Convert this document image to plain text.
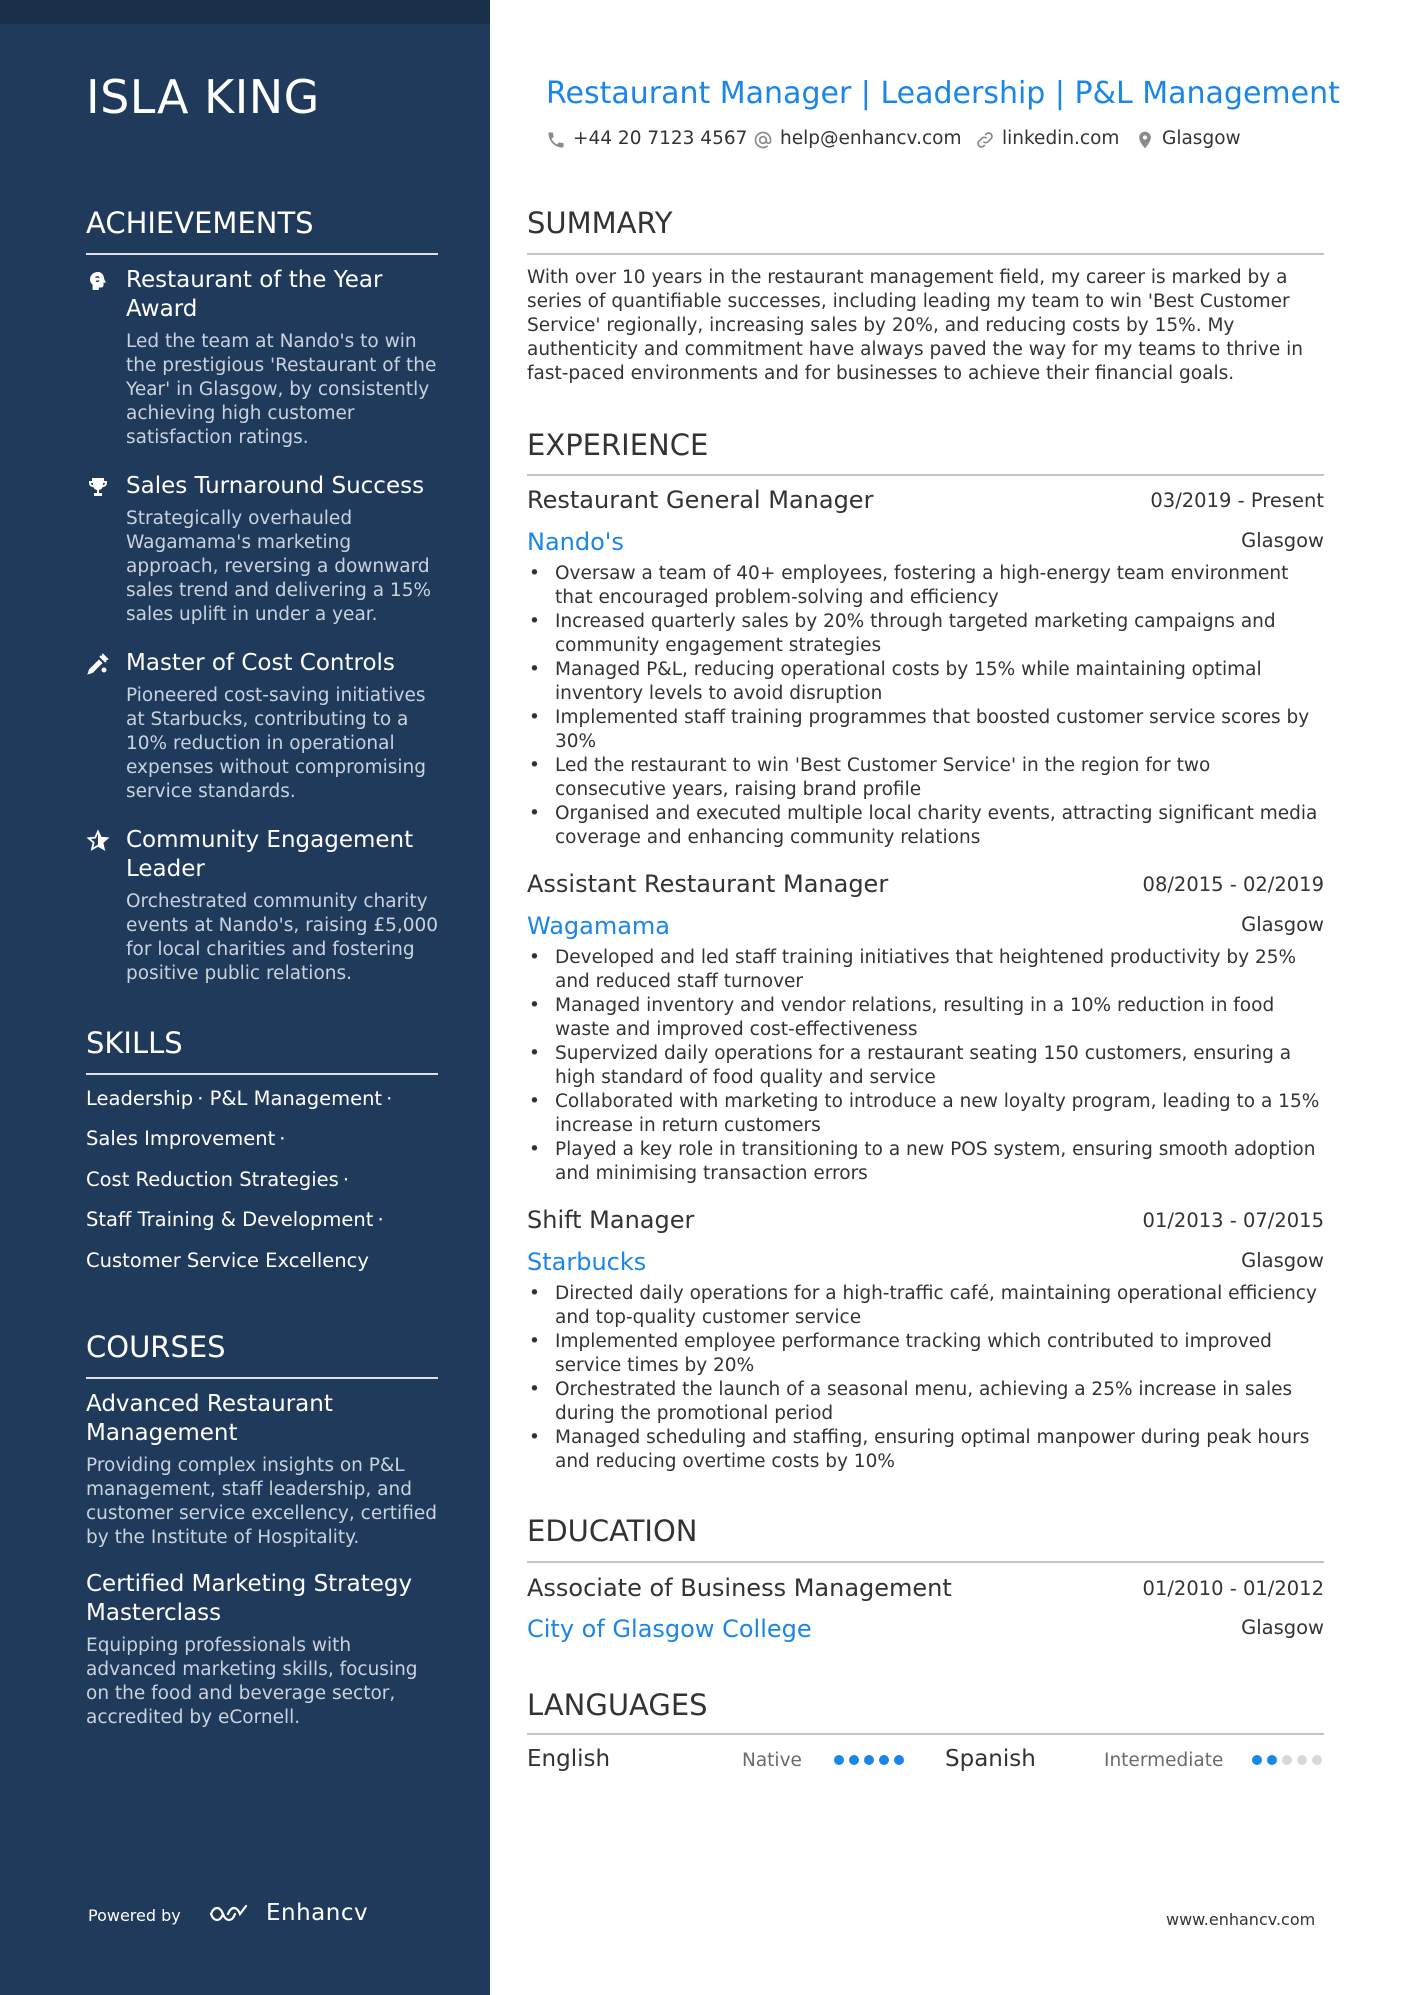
ISLA KING
ACHIEVEMENTS
Restaurant of the Year Award
Led the team at Nando's to win the prestigious 'Restaurant of the Year' in Glasgow, by consistently achieving high customer satisfaction ratings.
Sales Turnaround Success
Strategically overhauled Wagamama's marketing approach, reversing a downward sales trend and delivering a 15% sales uplift in under a year.
Master of Cost Controls
Pioneered cost-saving initiatives at Starbucks, contributing to a 10% reduction in operational expenses without compromising service standards.
Community Engagement Leader
Orchestrated community charity events at Nando's, raising £5,000 for local charities and fostering positive public relations.
SKILLS
Leadership · P&L Management ·
Sales Improvement ·
Cost Reduction Strategies ·
Staff Training & Development ·
Customer Service Excellency
COURSES
Advanced Restaurant Management
Providing complex insights on P&L management, staff leadership, and customer service excellency, certified by the Institute of Hospitality.
Certified Marketing Strategy Masterclass
Equipping professionals with advanced marketing skills, focusing on the food and beverage sector, accredited by eCornell.
Powered by	Enhancv
Restaurant Manager | Leadership | P&L Management
+44 20 7123 4567 help@enhancv.com linkedin.com Glasgow
SUMMARY
With over 10 years in the restaurant management field, my career is marked by a series of quantifiable successes, including leading my team to win 'Best Customer Service' regionally, increasing sales by 20%, and reducing costs by 15%. My authenticity and commitment have always paved the way for my teams to thrive in fast-paced environments and for businesses to achieve their financial goals.
EXPERIENCE
Restaurant General Manager	03/2019 - Present
Nando's	Glasgow
• Oversaw a team of 40+ employees, fostering a high-energy team environment that encouraged problem-solving and efficiency
• Increased quarterly sales by 20% through targeted marketing campaigns and community engagement strategies
• Managed P&L, reducing operational costs by 15% while maintaining optimal inventory levels to avoid disruption
• Implemented staff training programmes that boosted customer service scores by 30%
• Led the restaurant to win 'Best Customer Service' in the region for two consecutive years, raising brand profile
• Organised and executed multiple local charity events, attracting significant media coverage and enhancing community relations
Assistant Restaurant Manager	08/2015 - 02/2019
Wagamama	Glasgow
• Developed and led staff training initiatives that heightened productivity by 25% and reduced staff turnover
• Managed inventory and vendor relations, resulting in a 10% reduction in food waste and improved cost-effectiveness
• Supervized daily operations for a restaurant seating 150 customers, ensuring a high standard of food quality and service
• Collaborated with marketing to introduce a new loyalty program, leading to a 15% increase in return customers
• Played a key role in transitioning to a new POS system, ensuring smooth adoption and minimising transaction errors
Shift Manager	01/2013 - 07/2015
Starbucks	Glasgow
• Directed daily operations for a high-traffic café, maintaining operational efficiency and top-quality customer service
• Implemented employee performance tracking which contributed to improved service times by 20%
• Orchestrated the launch of a seasonal menu, achieving a 25% increase in sales during the promotional period
• Managed scheduling and staffing, ensuring optimal manpower during peak hours and reducing overtime costs by 10%
EDUCATION
Associate of Business Management	01/2010 - 01/2012
City of Glasgow College	Glasgow
LANGUAGES
English	Native	Spanish	Intermediate
www.enhancv.com
